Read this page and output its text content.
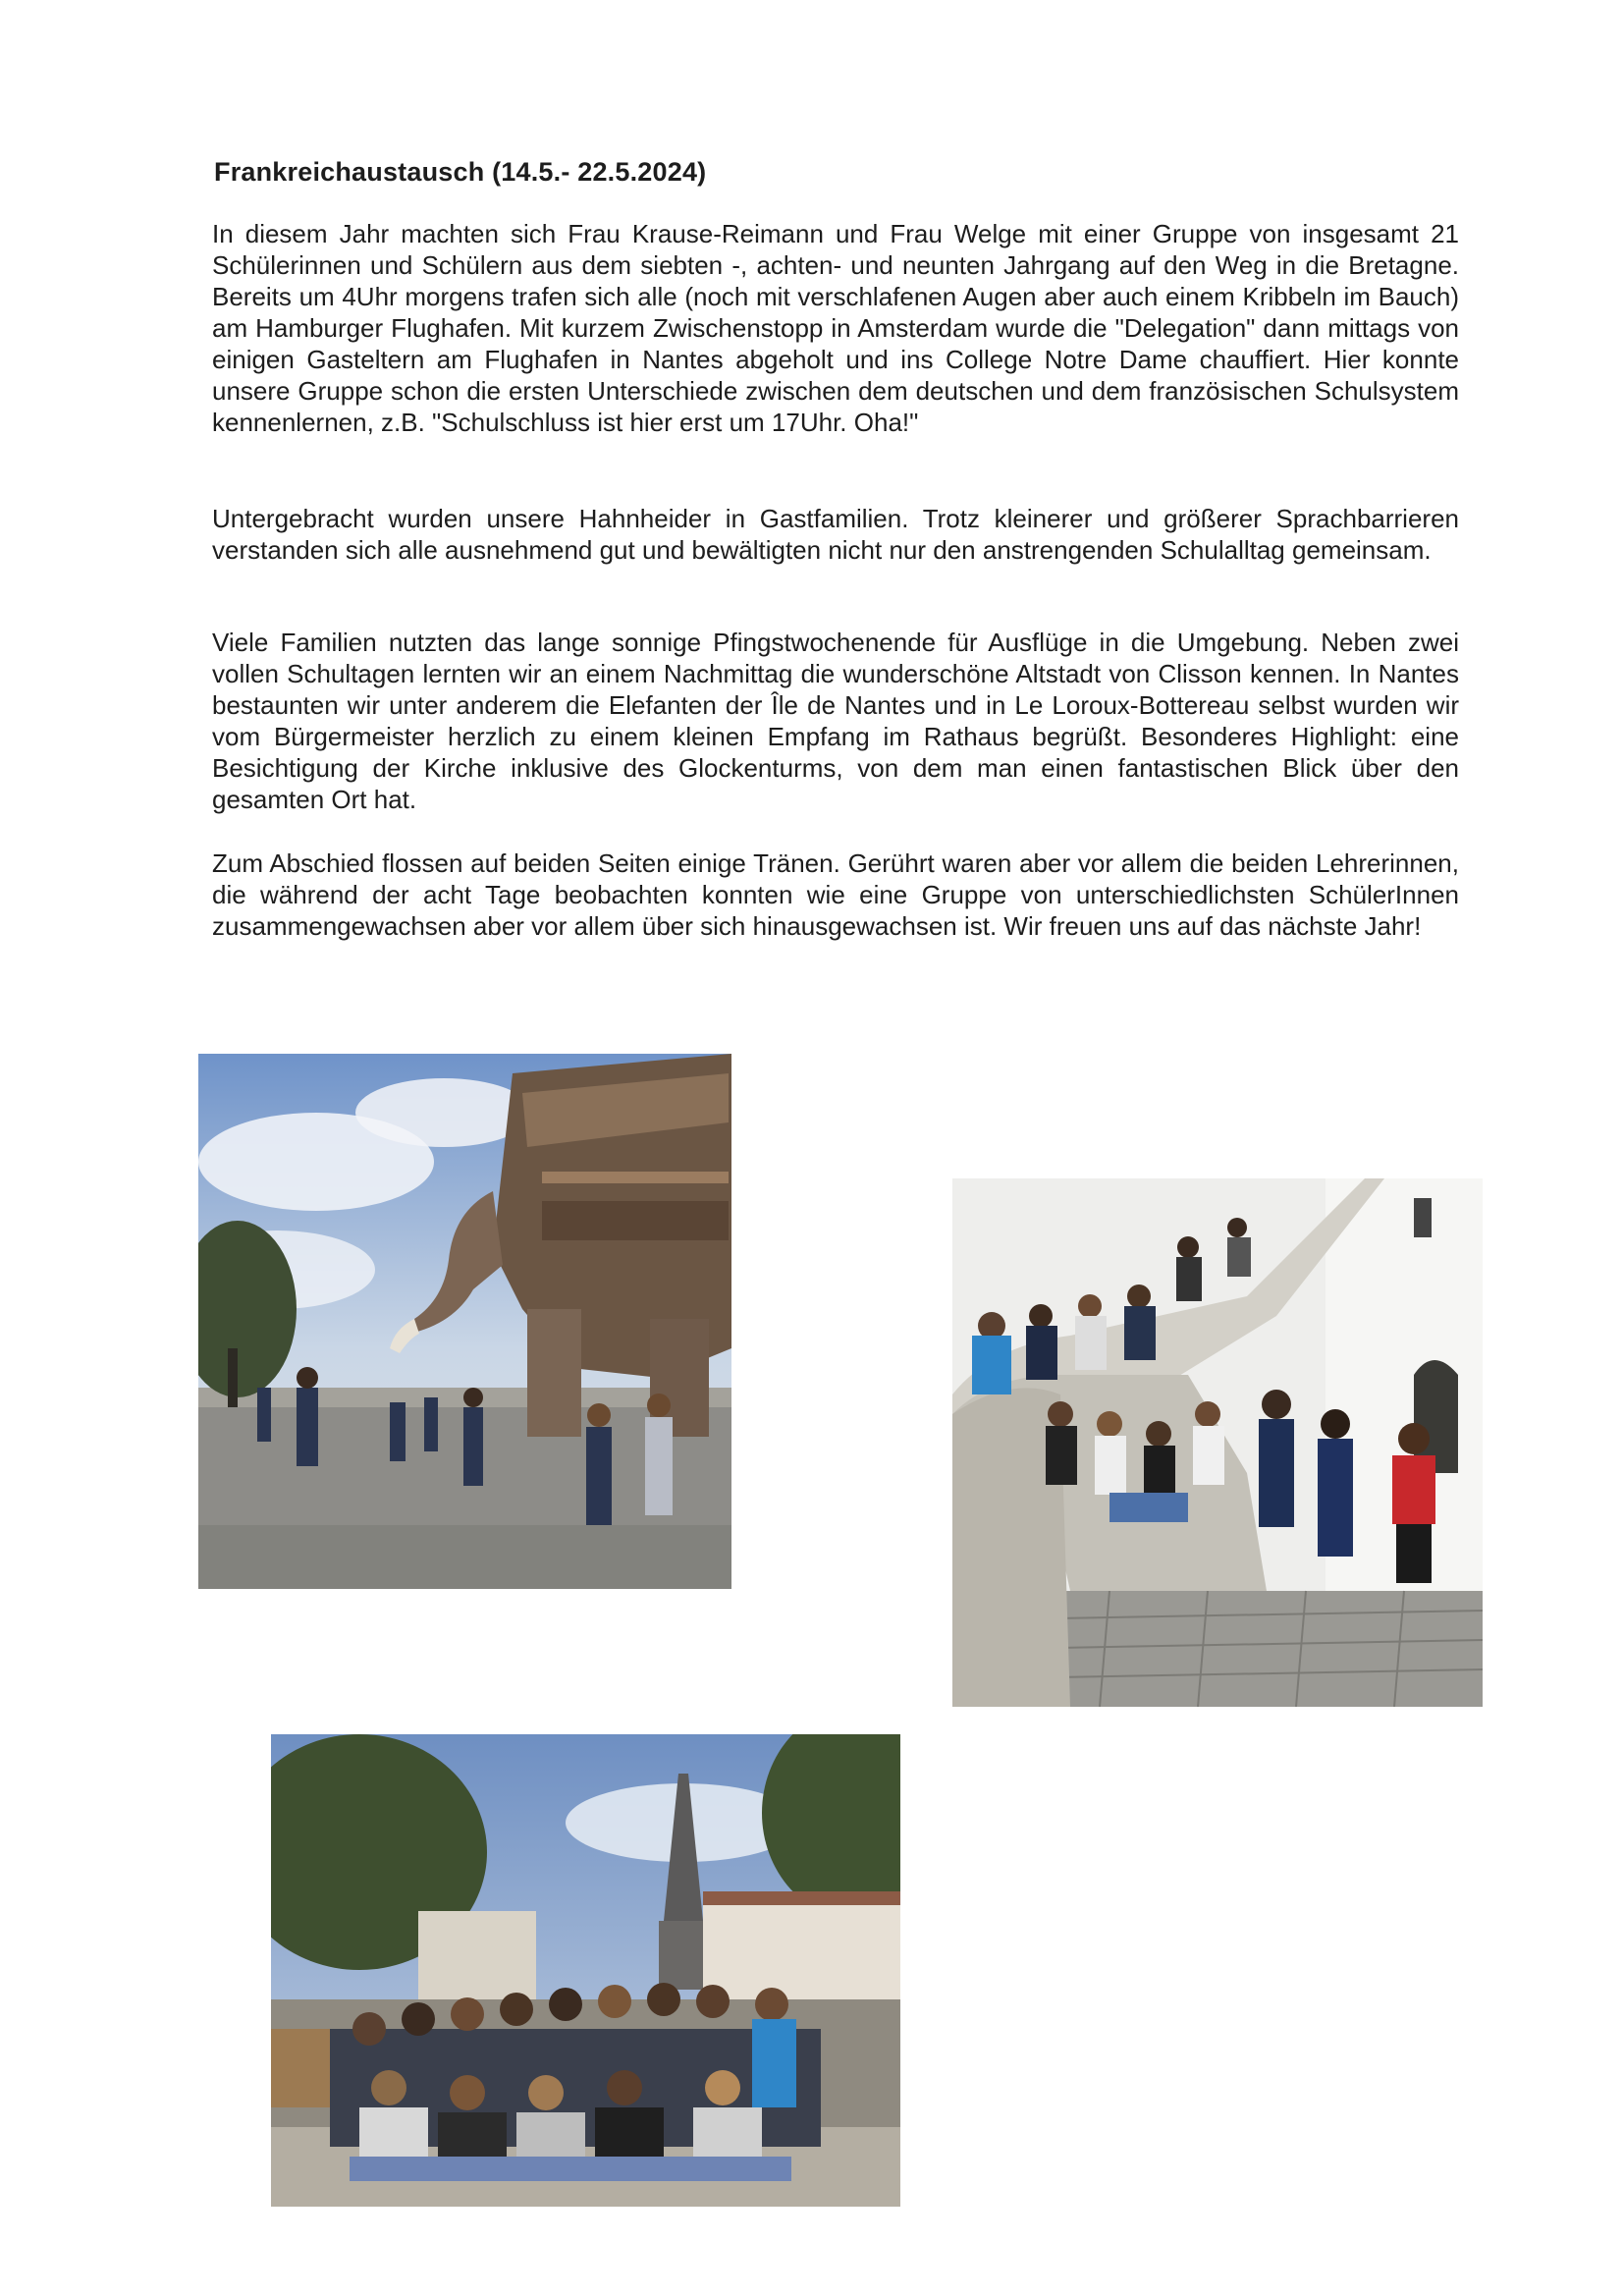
Frankreichaustausch (14.5.- 22.5.2024)

In diesem Jahr machten sich Frau Krause-Reimann und Frau Welge mit einer Gruppe von insgesamt 21 Schülerinnen und Schülern aus dem siebten -, achten- und neunten Jahrgang auf den Weg in die Bretagne. Bereits um 4Uhr morgens trafen sich alle (noch mit verschlafenen Augen aber auch einem Kribbeln im Bauch) am Hamburger Flughafen. Mit kurzem Zwischenstopp in Amsterdam wurde die "Delegation" dann mittags von einigen Gasteltern am Flughafen in Nantes abgeholt und ins College Notre Dame chauffiert. Hier konnte unsere Gruppe schon die ersten Unterschiede zwischen dem deutschen und dem französischen Schulsystem kennenlernen, z.B. "Schulschluss ist hier erst um 17Uhr. Oha!"

Untergebracht wurden unsere Hahnheider in Gastfamilien. Trotz kleinerer und größerer Sprachbarrieren verstanden sich alle ausnehmend gut und bewältigten nicht nur den anstrengenden Schulalltag gemeinsam.

Viele Familien nutzten das lange sonnige Pfingstwochenende für Ausflüge in die Umgebung. Neben zwei vollen Schultagen lernten wir an einem Nachmittag die wunderschöne Altstadt von Clisson kennen. In Nantes bestaunten wir unter anderem die Elefanten der Île de Nantes und in Le Loroux-Bottereau selbst wurden wir vom Bürgermeister herzlich zu einem kleinen Empfang im Rathaus begrüßt. Besonderes Highlight: eine Besichtigung der Kirche inklusive des Glockenturms, von dem man einen fantastischen Blick über den gesamten Ort hat.

Zum Abschied flossen auf beiden Seiten einige Tränen. Gerührt waren aber vor allem die beiden Lehrerinnen, die während der acht Tage beobachten konnten wie eine Gruppe von unterschiedlichsten SchülerInnen zusammengewachsen aber vor allem über sich hinausgewachsen ist. Wir freuen uns auf das nächste Jahr!
